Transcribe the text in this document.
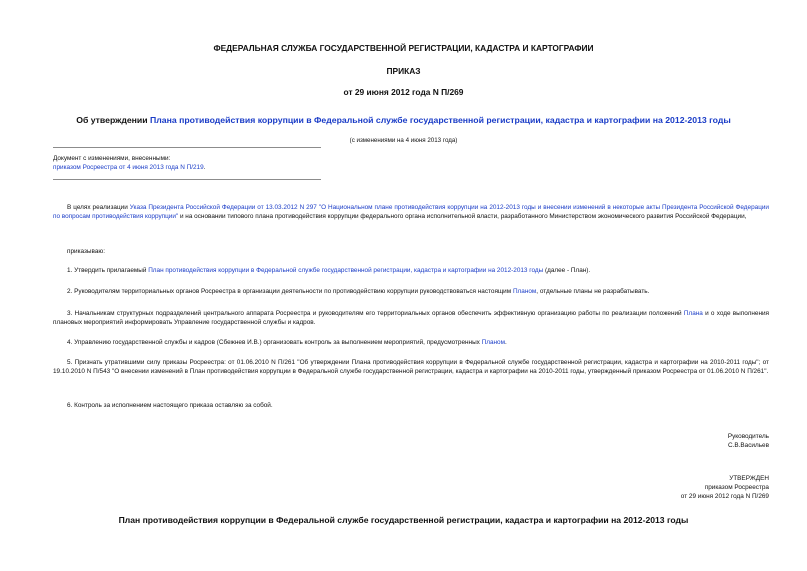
ФЕДЕРАЛЬНАЯ СЛУЖБА ГОСУДАРСТВЕННОЙ РЕГИСТРАЦИИ, КАДАСТРА И КАРТОГРАФИИ
ПРИКАЗ
от 29 июня 2012 года N П/269
Об утверждении Плана противодействия коррупции в Федеральной службе государственной регистрации, кадастра и картографии на 2012-2013 годы
(с изменениями на 4 июня 2013 года)
Документ с изменениями, внесенными:
приказом Росреестра от 4 июня 2013 года N П/219.
В целях реализации Указа Президента Российской Федерации от 13.03.2012 N 297 "О Национальном плане противодействия коррупции на 2012-2013 годы и внесении изменений в некоторые акты Президента Российской Федерации по вопросам противодействия коррупции" и на основании типового плана противодействия коррупции федерального органа исполнительной власти, разработанного Министерством экономического развития Российской Федерации,
приказываю:
1. Утвердить прилагаемый План противодействия коррупции в Федеральной службе государственной регистрации, кадастра и картографии на 2012-2013 годы (далее - План).
2. Руководителям территориальных органов Росреестра в организации деятельности по противодействию коррупции руководствоваться настоящим Планом, отдельные планы не разрабатывать.
3. Начальникам структурных подразделений центрального аппарата Росреестра и руководителям его территориальных органов обеспечить эффективную организацию работы по реализации положений Плана и о ходе выполнения плановых мероприятий информировать Управление государственной службы и кадров.
4. Управлению государственной службы и кадров (Сбежнев И.В.) организовать контроль за выполнением мероприятий, предусмотренных Планом.
5. Признать утратившими силу приказы Росреестра: от 01.06.2010 N П/261 "Об утверждении Плана противодействия коррупции в Федеральной службе государственной регистрации, кадастра и картографии на 2010-2011 годы"; от 19.10.2010 N П/543 "О внесении изменений в План противодействия коррупции в Федеральной службе государственной регистрации, кадастра и картографии на 2010-2011 годы, утвержденный приказом Росреестра от 01.06.2010 N П/261".
6. Контроль за исполнением настоящего приказа оставляю за собой.
Руководитель
С.В.Васильев
УТВЕРЖДЕН
приказом Росреестра
от 29 июня 2012 года N П/269
План противодействия коррупции в Федеральной службе государственной регистрации, кадастра и картографии на 2012-2013 годы
